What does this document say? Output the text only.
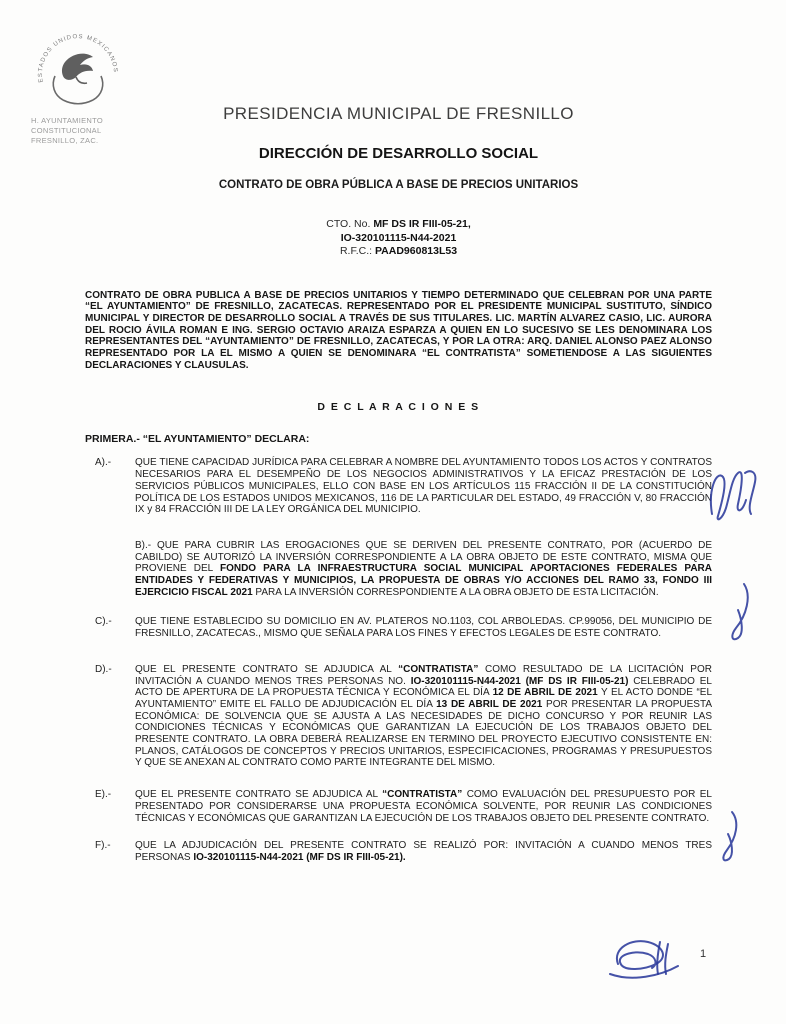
ESTADOS UNIDOS MEXICANOS
H. AYUNTAMIENTO
CONSTITUCIONAL
FRESNILLO, ZAC.
PRESIDENCIA MUNICIPAL DE FRESNILLO
DIRECCIÓN DE DESARROLLO SOCIAL
CONTRATO DE OBRA PÚBLICA A BASE DE PRECIOS UNITARIOS
CTO. No. MF DS IR FIII-05-21,
IO-320101115-N44-2021
R.F.C.: PAAD960813L53
CONTRATO DE OBRA PUBLICA A BASE DE PRECIOS UNITARIOS Y TIEMPO DETERMINADO QUE CELEBRAN POR UNA PARTE “EL AYUNTAMIENTO” DE FRESNILLO, ZACATECAS. REPRESENTADO POR EL PRESIDENTE MUNICIPAL SUSTITUTO, SÍNDICO MUNICIPAL Y DIRECTOR DE DESARROLLO SOCIAL A TRAVÉS DE SUS TITULARES. LIC. MARTÍN ALVAREZ CASIO, LIC. AURORA DEL ROCIO ÁVILA ROMAN E ING. SERGIO OCTAVIO ARAIZA ESPARZA A QUIEN EN LO SUCESIVO SE LES DENOMINARA LOS REPRESENTANTES DEL “AYUNTAMIENTO” DE FRESNILLO, ZACATECAS, Y POR LA OTRA: ARQ. DANIEL ALONSO PAEZ ALONSO REPRESENTADO POR LA EL MISMO A QUIEN SE DENOMINARA “EL CONTRATISTA” SOMETIENDOSE A LAS SIGUIENTES DECLARACIONES Y CLAUSULAS.
D E C L A R A C I O N E S
PRIMERA.- “EL AYUNTAMIENTO” DECLARA:
A).-	QUE TIENE CAPACIDAD JURÍDICA PARA CELEBRAR A NOMBRE DEL AYUNTAMIENTO TODOS LOS ACTOS Y CONTRATOS NECESARIOS PARA EL DESEMPEÑO DE LOS NEGOCIOS ADMINISTRATIVOS Y LA EFICAZ PRESTACIÓN DE LOS SERVICIOS PÚBLICOS MUNICIPALES, ELLO CON BASE EN LOS ARTÍCULOS 115 FRACCIÓN II DE LA CONSTITUCIÓN POLÍTICA DE LOS ESTADOS UNIDOS MEXICANOS, 116 DE LA PARTICULAR DEL ESTADO, 49 FRACCIÓN V, 80 FRACCIÓN IX y 84 FRACCIÓN III DE LA LEY ORGÁNICA DEL MUNICIPIO.
B).- QUE PARA CUBRIR LAS EROGACIONES QUE SE DERIVEN DEL PRESENTE CONTRATO, POR (ACUERDO DE CABILDO) SE AUTORIZÓ LA INVERSIÓN CORRESPONDIENTE A LA OBRA OBJETO DE ESTE CONTRATO, MISMA QUE PROVIENE DEL FONDO PARA LA INFRAESTRUCTURA SOCIAL MUNICIPAL APORTACIONES FEDERALES PARA ENTIDADES Y FEDERATIVAS Y MUNICIPIOS, LA PROPUESTA DE OBRAS Y/O ACCIONES DEL RAMO 33, FONDO III EJERCICIO FISCAL 2021 PARA LA INVERSIÓN CORRESPONDIENTE A LA OBRA OBJETO DE ESTA LICITACIÓN.
C).-	QUE TIENE ESTABLECIDO SU DOMICILIO EN AV. PLATEROS NO.1103, COL ARBOLEDAS. CP.99056, DEL MUNICIPIO DE FRESNILLO, ZACATECAS., MISMO QUE SEÑALA PARA LOS FINES Y EFECTOS LEGALES DE ESTE CONTRATO.
D).-	QUE EL PRESENTE CONTRATO SE ADJUDICA AL “CONTRATISTA” COMO RESULTADO DE LA LICITACIÓN POR INVITACIÓN A CUANDO MENOS TRES PERSONAS NO. IO-320101115-N44-2021 (MF DS IR FIII-05-21) CELEBRADO EL ACTO DE APERTURA DE LA PROPUESTA TÉCNICA Y ECONÓMICA EL DÍA 12 DE ABRIL DE 2021 Y EL ACTO DONDE “EL AYUNTAMIENTO” EMITE EL FALLO DE ADJUDICACIÓN EL DÍA 13 DE ABRIL DE 2021 POR PRESENTAR LA PROPUESTA ECONÓMICA: DE SOLVENCIA QUE SE AJUSTA A LAS NECESIDADES DE DICHO CONCURSO Y POR REUNIR LAS CONDICIONES TÉCNICAS Y ECONÓMICAS QUE GARANTIZAN LA EJECUCIÓN DE LOS TRABAJOS OBJETO DEL PRESENTE CONTRATO. LA OBRA DEBERÁ REALIZARSE EN TERMINO DEL PROYECTO EJECUTIVO CONSISTENTE EN: PLANOS, CATÁLOGOS DE CONCEPTOS Y PRECIOS UNITARIOS, ESPECIFICACIONES, PROGRAMAS Y PRESUPUESTOS Y QUE SE ANEXAN AL CONTRATO COMO PARTE INTEGRANTE DEL MISMO.
E).-	QUE EL PRESENTE CONTRATO SE ADJUDICA AL “CONTRATISTA” COMO EVALUACIÓN DEL PRESUPUESTO POR EL PRESENTADO POR CONSIDERARSE UNA PROPUESTA ECONÓMICA SOLVENTE, POR REUNIR LAS CONDICIONES TÉCNICAS Y ECONÓMICAS QUE GARANTIZAN LA EJECUCIÓN DE LOS TRABAJOS OBJETO DEL PRESENTE CONTRATO.
F).-	QUE LA ADJUDICACIÓN DEL PRESENTE CONTRATO SE REALIZÓ POR: INVITACIÓN A CUANDO MENOS TRES PERSONAS IO-320101115-N44-2021 (MF DS IR FIII-05-21).
1
